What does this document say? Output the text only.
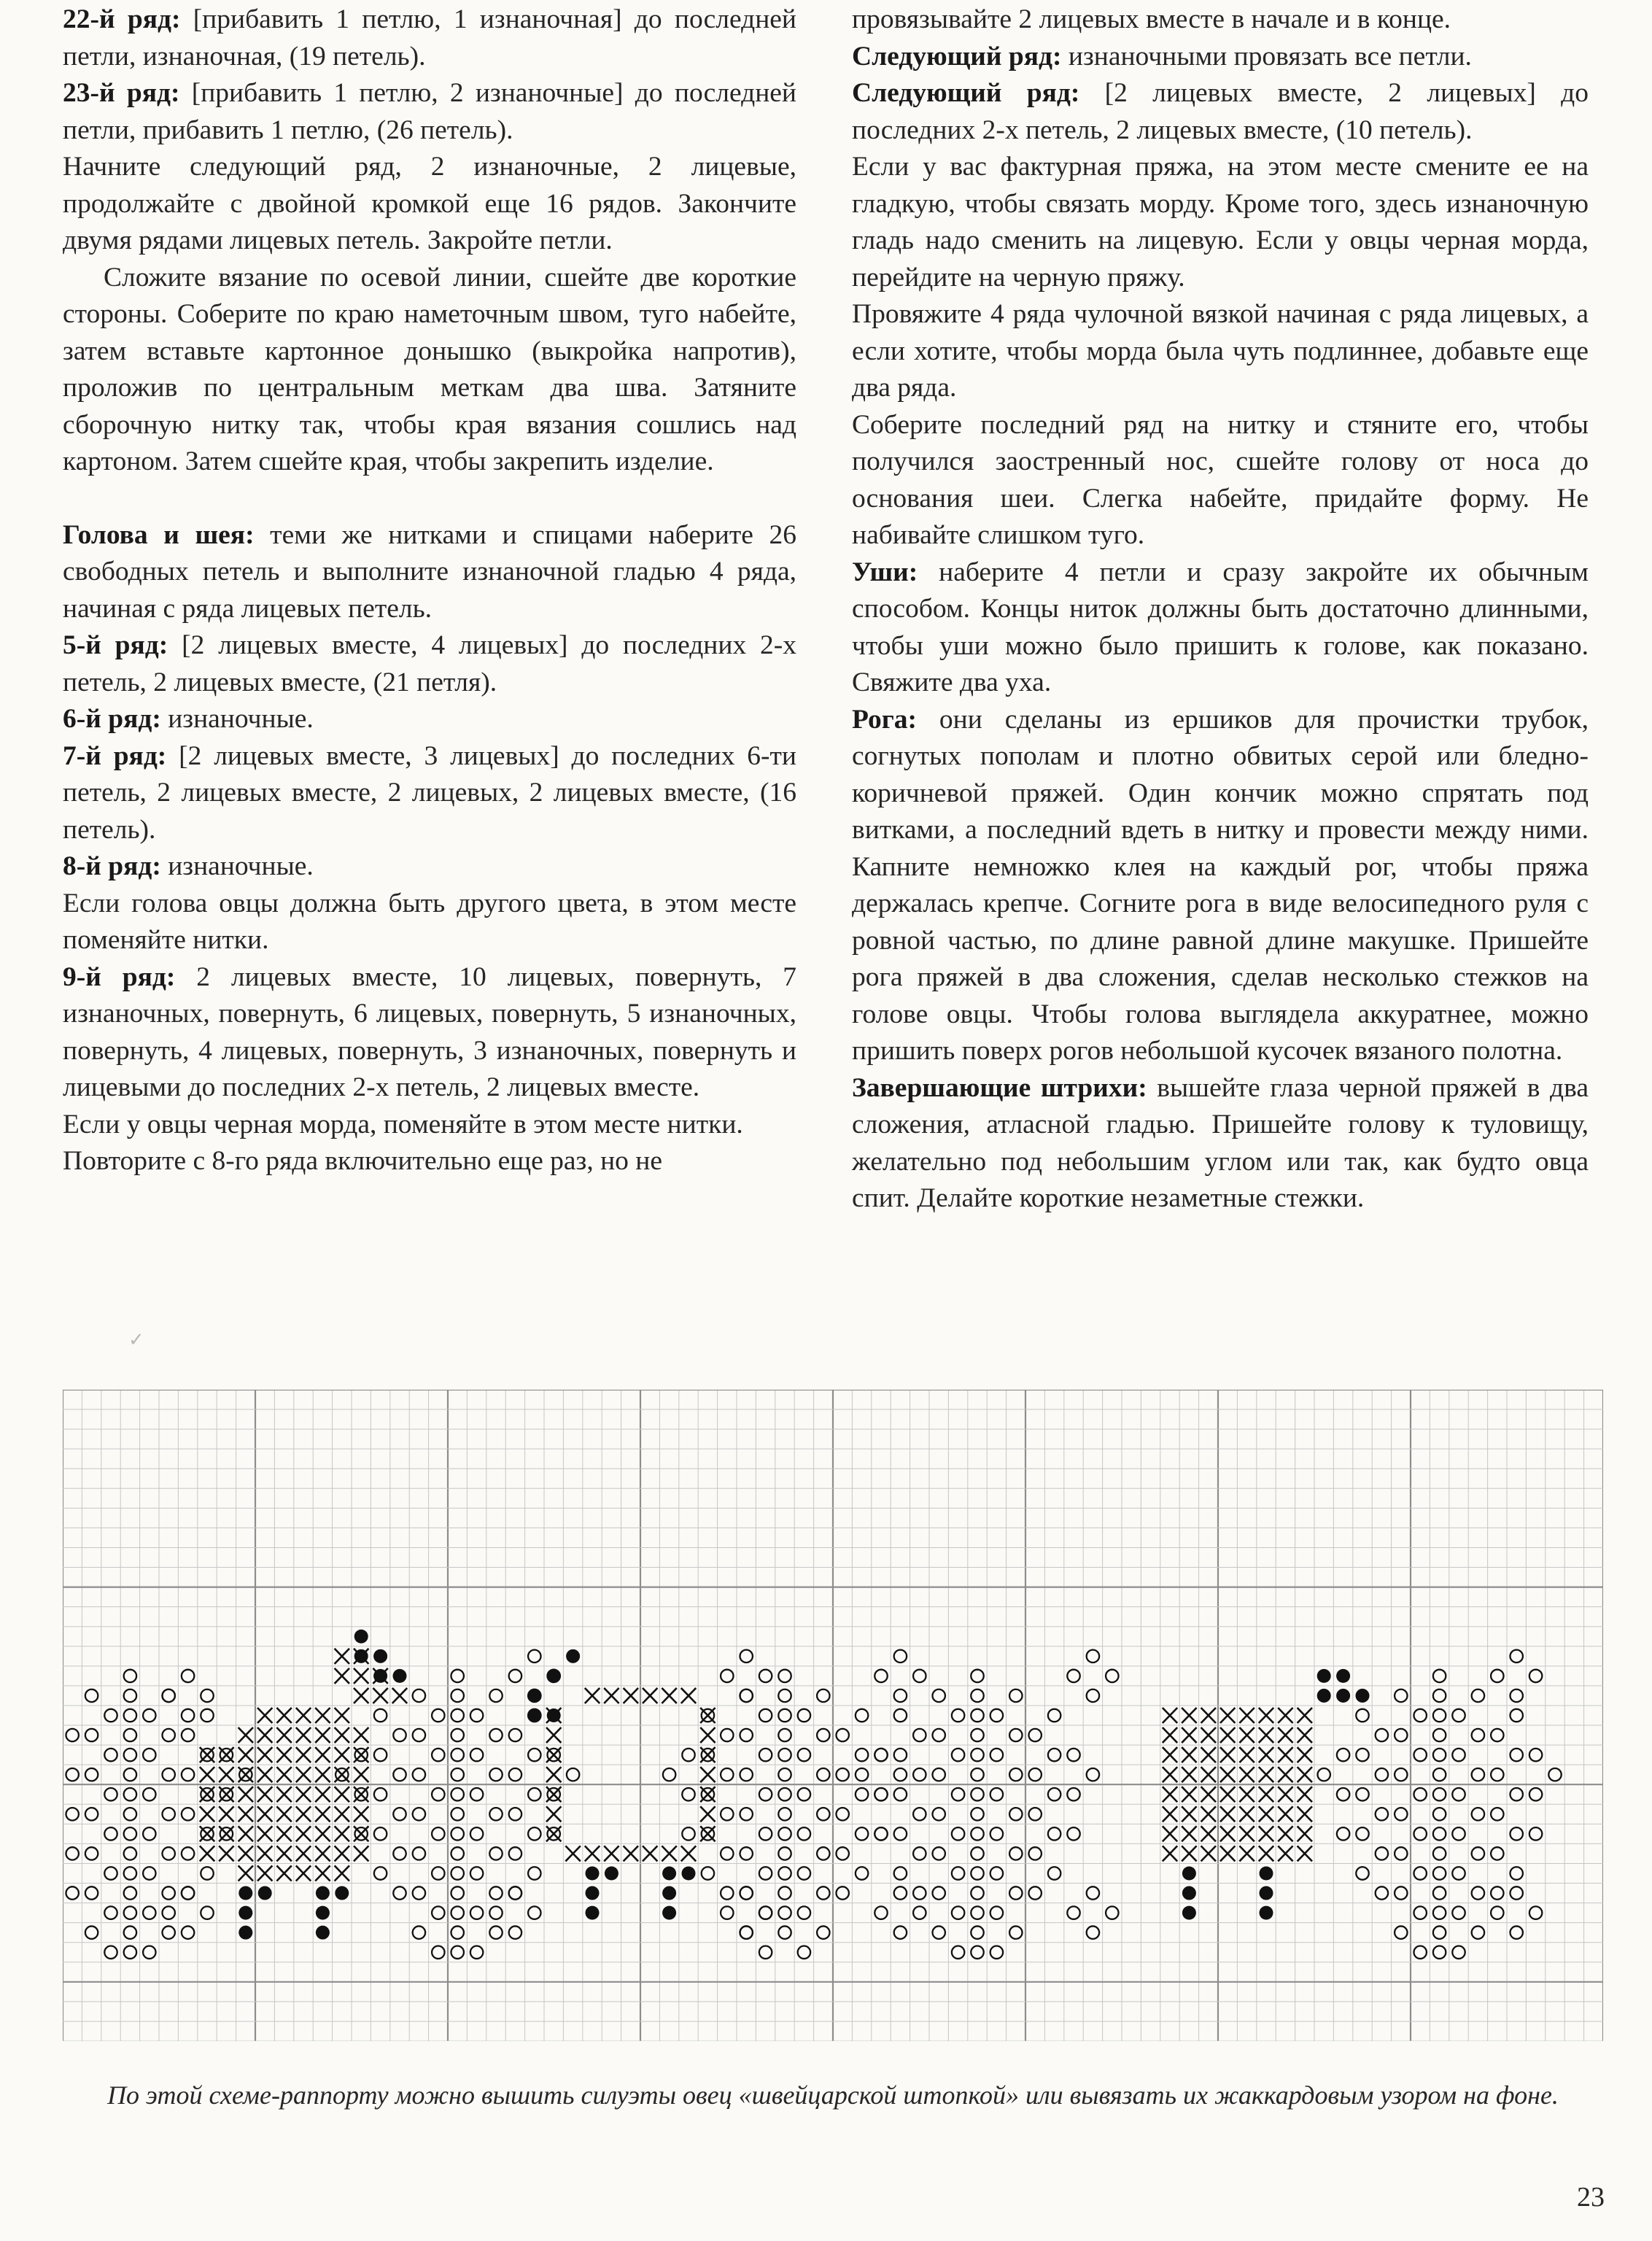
22-й ряд: [прибавить 1 петлю, 1 изнаночная] до последней петли, изнаночная, (19 петель).

23-й ряд: [прибавить 1 петлю, 2 изнаночные] до последней петли, прибавить 1 петлю, (26 петель).

Начните следующий ряд, 2 изнаночные, 2 лицевые, продолжайте с двойной кромкой еще 16 рядов. Закончите двумя рядами лицевых петель. Закройте петли.

Сложите вязание по осевой линии, сшейте две короткие стороны. Соберите по краю наметочным швом, туго набейте, затем вставьте картонное донышко (выкройка напротив), проложив по центральным меткам два шва. Затяните сборочную нитку так, чтобы края вязания сошлись над картоном. Затем сшейте края, чтобы закрепить изделие.

Голова и шея: теми же нитками и спицами наберите 26 свободных петель и выполните изнаночной гладью 4 ряда, начиная с ряда лицевых петель.

5-й ряд: [2 лицевых вместе, 4 лицевых] до последних 2-х петель, 2 лицевых вместе, (21 петля).

6-й ряд: изнаночные.

7-й ряд: [2 лицевых вместе, 3 лицевых] до последних 6-ти петель, 2 лицевых вместе, 2 лицевых, 2 лицевых вместе, (16 петель).

8-й ряд: изнаночные.

Если голова овцы должна быть другого цвета, в этом месте поменяйте нитки.

9-й ряд: 2 лицевых вместе, 10 лицевых, повернуть, 7 изнаночных, повернуть, 6 лицевых, повернуть, 5 изнаночных, повернуть, 4 лицевых, повернуть, 3 изнаночных, повернуть и лицевыми до последних 2-х петель, 2 лицевых вместе.

Если у овцы черная морда, поменяйте в этом месте нитки.

Повторите с 8-го ряда включительно еще раз, но не

провязывайте 2 лицевых вместе в начале и в конце.

Следующий ряд: изнаночными провязать все петли.

Следующий ряд: [2 лицевых вместе, 2 лицевых] до последних 2-х петель, 2 лицевых вместе, (10 петель).

Если у вас фактурная пряжа, на этом месте смените ее на гладкую, чтобы связать морду. Кроме того, здесь изнаночную гладь надо сменить на лицевую. Если у овцы черная морда, перейдите на черную пряжу.

Провяжите 4 ряда чулочной вязкой начиная с ряда лицевых, а если хотите, чтобы морда была чуть подлиннее, добавьте еще два ряда.

Соберите последний ряд на нитку и стяните его, чтобы получился заостренный нос, сшейте голову от носа до основания шеи. Слегка набейте, придайте форму. Не набивайте слишком туго.

Уши: наберите 4 петли и сразу закройте их обычным способом. Концы ниток должны быть достаточно длинными, чтобы уши можно было пришить к голове, как показано. Свяжите два уха.

Рога: они сделаны из ершиков для прочистки трубок, согнутых пополам и плотно обвитых серой или бледно-коричневой пряжей. Один кончик можно спрятать под витками, а последний вдеть в нитку и провести между ними. Капните немножко клея на каждый рог, чтобы пряжа держалась крепче. Согните рога в виде велосипедного руля с ровной частью, по длине равной длине макушке. Пришейте рога пряжей в два сложения, сделав несколько стежков на голове овцы. Чтобы голова выглядела аккуратнее, можно пришить поверх рогов небольшой кусочек вязаного полотна.

Завершающие штрихи: вышейте глаза черной пряжей в два сложения, атласной гладью. Пришейте голову к туловищу, желательно под небольшим углом или так, как будто овца спит. Делайте короткие незаметные стежки.

✓
По этой схеме-раппорту можно вышить силуэты овец «швейцарской штопкой» или вывязать их жаккардовым узором на фоне.
23
